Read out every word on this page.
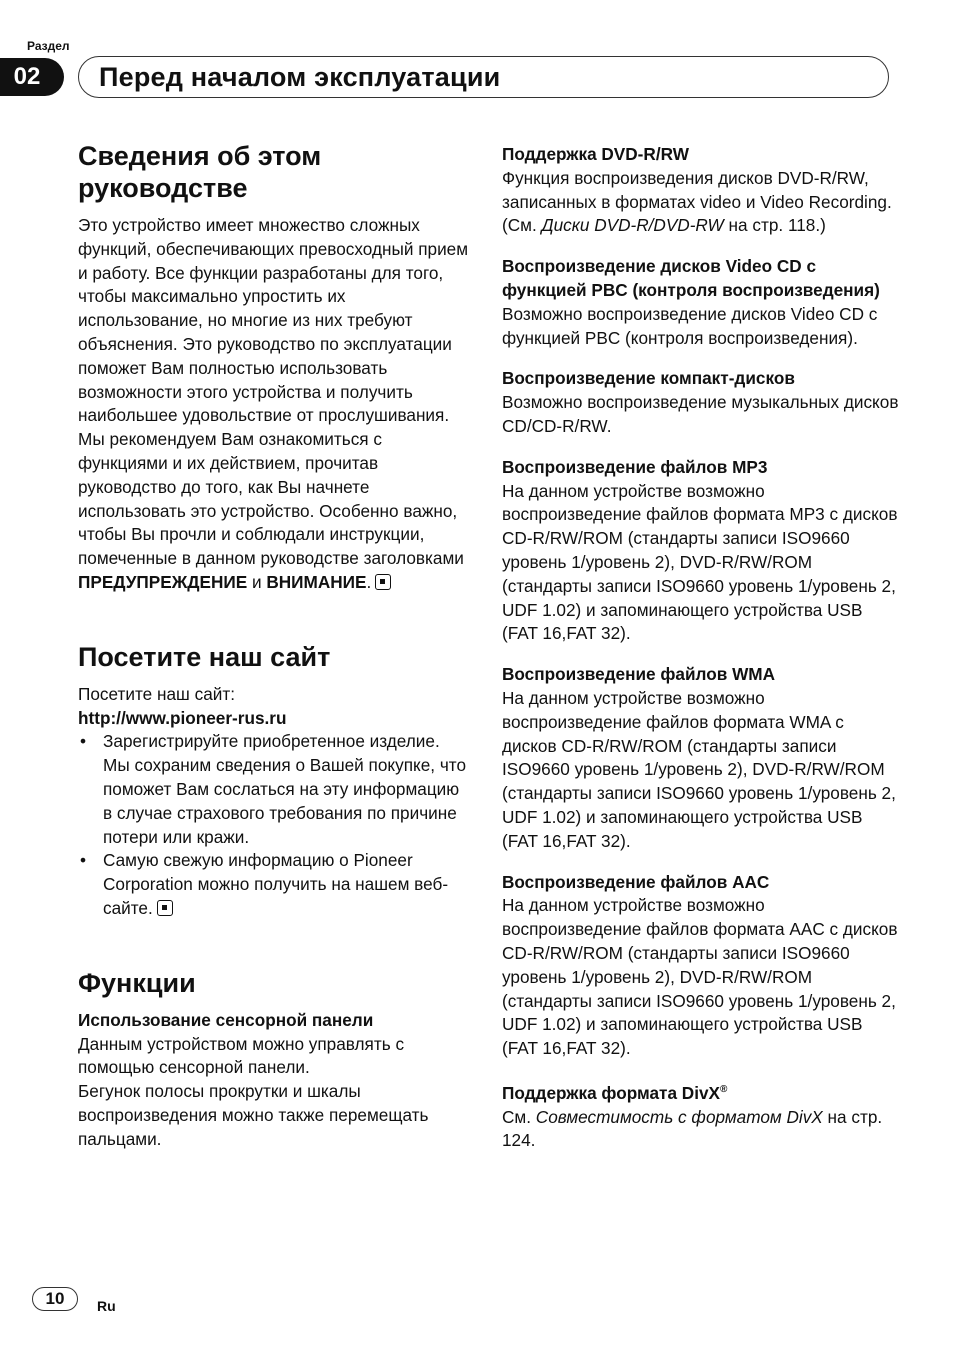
Раздел
02	Перед началом эксплуатации
Сведения об этом
руководстве

Это устройство имеет множество сложных функций, обеспечивающих превосходный прием и работу. Все функции разработаны для того, чтобы максимально упростить их использование, но многие из них требуют объяснения. Это руководство по эксплуатации поможет Вам полностью использовать возможности этого устройства и получить наибольшее удовольствие от прослушивания.

Мы рекомендуем Вам ознакомиться с функциями и их действием, прочитав руководство до того, как Вы начнете использовать это устройство. Особенно важно, чтобы Вы прочли и соблюдали инструкции, помеченные в данном руководстве заголовками ПРЕДУПРЕЖДЕНИЕ и ВНИМАНИЕ.

Посетите наш сайт

Посетите наш сайт:

http://www.pioneer-rus.ru

• Зарегистрируйте приобретенное изделие. Мы сохраним сведения о Вашей покупке, что поможет Вам сослаться на эту информацию в случае страхового требования по причине потери или кражи.
• Самую свежую информацию о Pioneer Corporation можно получить на нашем веб-сайте.
Функции

Использование сенсорной панели

Данным устройством можно управлять с помощью сенсорной панели.

Бегунок полосы прокрутки и шкалы воспроизведения можно также перемещать пальцами.

Поддержка DVD-R/RW

Функция воспроизведения дисков DVD-R/RW, записанных в форматах video и Video Recording. (См. Диски DVD-R/DVD-RW на стр. 118.)

Воспроизведение дисков Video CD с функцией PBC (контроля воспроизведения)

Возможно воспроизведение дисков Video CD с функцией PBC (контроля воспроизведения).

Воспроизведение компакт-дисков

Возможно воспроизведение музыкальных дисков CD/CD-R/RW.

Воспроизведение файлов MP3

На данном устройстве возможно воспроизведение файлов формата MP3 с дисков CD-R/RW/ROM (стандарты записи ISO9660 уровень 1/уровень 2), DVD-R/RW/ROM (стандарты записи ISO9660 уровень 1/уровень 2, UDF 1.02) и запоминающего устройства USB (FAT 16,FAT 32).

Воспроизведение файлов WMA

На данном устройстве возможно воспроизведение файлов формата WMA с дисков CD-R/RW/ROM (стандарты записи ISO9660 уровень 1/уровень 2), DVD-R/RW/ROM (стандарты записи ISO9660 уровень 1/уровень 2, UDF 1.02) и запоминающего устройства USB (FAT 16,FAT 32).

Воспроизведение файлов AAC

На данном устройстве возможно воспроизведение файлов формата AAC с дисков CD-R/RW/ROM (стандарты записи ISO9660 уровень 1/уровень 2), DVD-R/RW/ROM (стандарты записи ISO9660 уровень 1/уровень 2, UDF 1.02) и запоминающего устройства USB (FAT 16,FAT 32).

Поддержка формата DivX®

См. Совместимость с форматом DivX на стр. 124.

10	Ru
